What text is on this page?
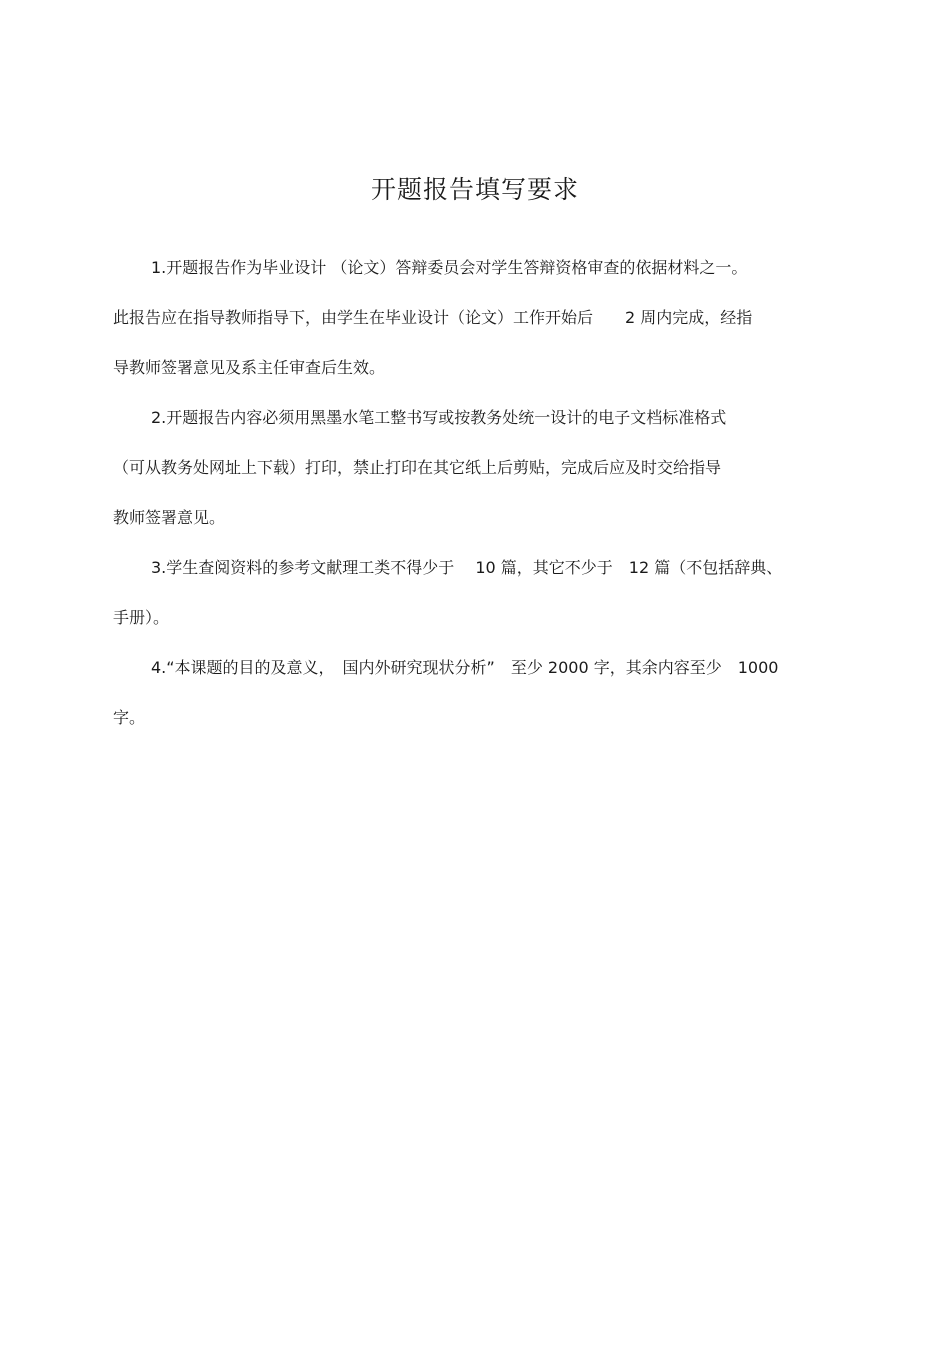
开题报告填写要求
1.开题报告作为毕业设计 （论文）答辩委员会对学生答辩资格审查的依据材料之一。
此报告应在指导教师指导下，由学生在毕业设计（论文）工作开始后　　2 周内完成，经指
导教师签署意见及系主任审查后生效。
2.开题报告内容必须用黑墨水笔工整书写或按教务处统一设计的电子文档标准格式
（可从教务处网址上下载）打印，禁止打印在其它纸上后剪贴，完成后应及时交给指导
教师签署意见。
3.学生查阅资料的参考文献理工类不得少于　 10 篇，其它不少于　12 篇（不包括辞典、
手册）。
4.“本课题的目的及意义，　国内外研究现状分析”　至少 2000 字，其余内容至少　1000
字。
